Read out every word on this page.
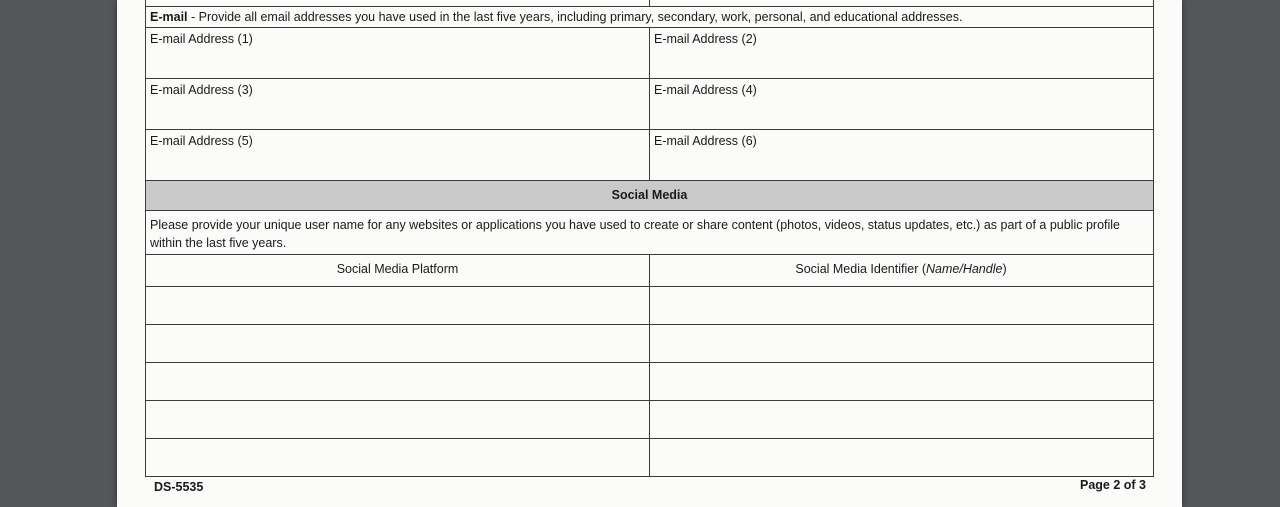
E-mail - Provide all email addresses you have used in the last five years, including primary, secondary, work, personal, and educational addresses.
E-mail Address (1)	E-mail Address (2)
E-mail Address (3)	E-mail Address (4)
E-mail Address (5)	E-mail Address (6)
Social Media
Please provide your unique user name for any websites or applications you have used to create or share content (photos, videos, status updates, etc.) as part of a public profile within the last five years.
Social Media Platform	Social Media Identifier (Name/Handle)
DS-5535	Page 2 of 3
